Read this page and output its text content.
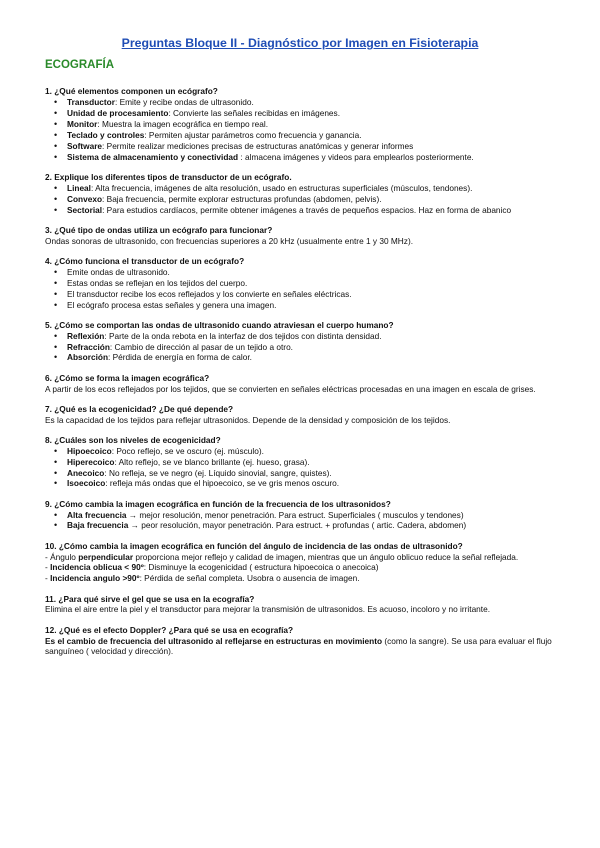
Preguntas Bloque II - Diagnóstico por Imagen en Fisioterapia
ECOGRAFÍA
1. ¿Qué elementos componen un ecógrafo?
• Transductor: Emite y recibe ondas de ultrasonido.
• Unidad de procesamiento: Convierte las señales recibidas en imágenes.
• Monitor: Muestra la imagen ecográfica en tiempo real.
• Teclado y controles: Permiten ajustar parámetros como frecuencia y ganancia.
• Software: Permite realizar mediciones precisas de estructuras anatómicas y generar informes
• Sistema de almacenamiento y conectividad : almacena imágenes y videos para emplearlos posteriormente.
2. Explique los diferentes tipos de transductor de un ecógrafo.
• Lineal: Alta frecuencia, imágenes de alta resolución, usado en estructuras superficiales (músculos, tendones).
• Convexo: Baja frecuencia, permite explorar estructuras profundas (abdomen, pelvis).
• Sectorial: Para estudios cardíacos, permite obtener imágenes a través de pequeños espacios. Haz en forma de abanico
3. ¿Qué tipo de ondas utiliza un ecógrafo para funcionar?
Ondas sonoras de ultrasonido, con frecuencias superiores a 20 kHz (usualmente entre 1 y 30 MHz).
4. ¿Cómo funciona el transductor de un ecógrafo?
• Emite ondas de ultrasonido.
• Estas ondas se reflejan en los tejidos del cuerpo.
• El transductor recibe los ecos reflejados y los convierte en señales eléctricas.
• El ecógrafo procesa estas señales y genera una imagen.
5. ¿Cómo se comportan las ondas de ultrasonido cuando atraviesan el cuerpo humano?
• Reflexión: Parte de la onda rebota en la interfaz de dos tejidos con distinta densidad.
• Refracción: Cambio de dirección al pasar de un tejido a otro.
• Absorción: Pérdida de energía en forma de calor.
6. ¿Cómo se forma la imagen ecográfica?
A partir de los ecos reflejados por los tejidos, que se convierten en señales eléctricas procesadas en una imagen en escala de grises.
7. ¿Qué es la ecogenicidad? ¿De qué depende?
Es la capacidad de los tejidos para reflejar ultrasonidos. Depende de la densidad y composición de los tejidos.
8. ¿Cuáles son los niveles de ecogenicidad?
• Hipoecoico: Poco reflejo, se ve oscuro (ej. músculo).
• Hiperecoico: Alto reflejo, se ve blanco brillante (ej. hueso, grasa).
• Anecoico: No refleja, se ve negro (ej. Líquido sinovial, sangre, quistes).
• Isoecoico: refleja más ondas que el hipoecoico, se ve gris menos oscuro.
9. ¿Cómo cambia la imagen ecográfica en función de la frecuencia de los ultrasonidos?
• Alta frecuencia → mejor resolución, menor penetración. Para estruct. Superficiales ( musculos y tendones)
• Baja frecuencia → peor resolución, mayor penetración. Para estruct. + profundas ( artic. Cadera, abdomen)
10. ¿Cómo cambia la imagen ecográfica en función del ángulo de incidencia de las ondas de ultrasonido?
- Ángulo perpendicular proporciona mejor reflejo y calidad de imagen, mientras que un ángulo oblicuo reduce la señal reflejada.
- Incidencia oblicua < 90º: Disminuye la ecogenicidad ( estructura hipoecoica o anecoica)
- Incidencia angulo >90º: Pérdida de señal completa. Usobra o ausencia de imagen.
11. ¿Para qué sirve el gel que se usa en la ecografía?
Elimina el aire entre la piel y el transductor para mejorar la transmisión de ultrasonidos. Es acuoso, incoloro y no irritante.
12. ¿Qué es el efecto Doppler? ¿Para qué se usa en ecografía?
Es el cambio de frecuencia del ultrasonido al reflejarse en estructuras en movimiento (como la sangre). Se usa para evaluar el flujo sanguíneo ( velocidad y dirección).
